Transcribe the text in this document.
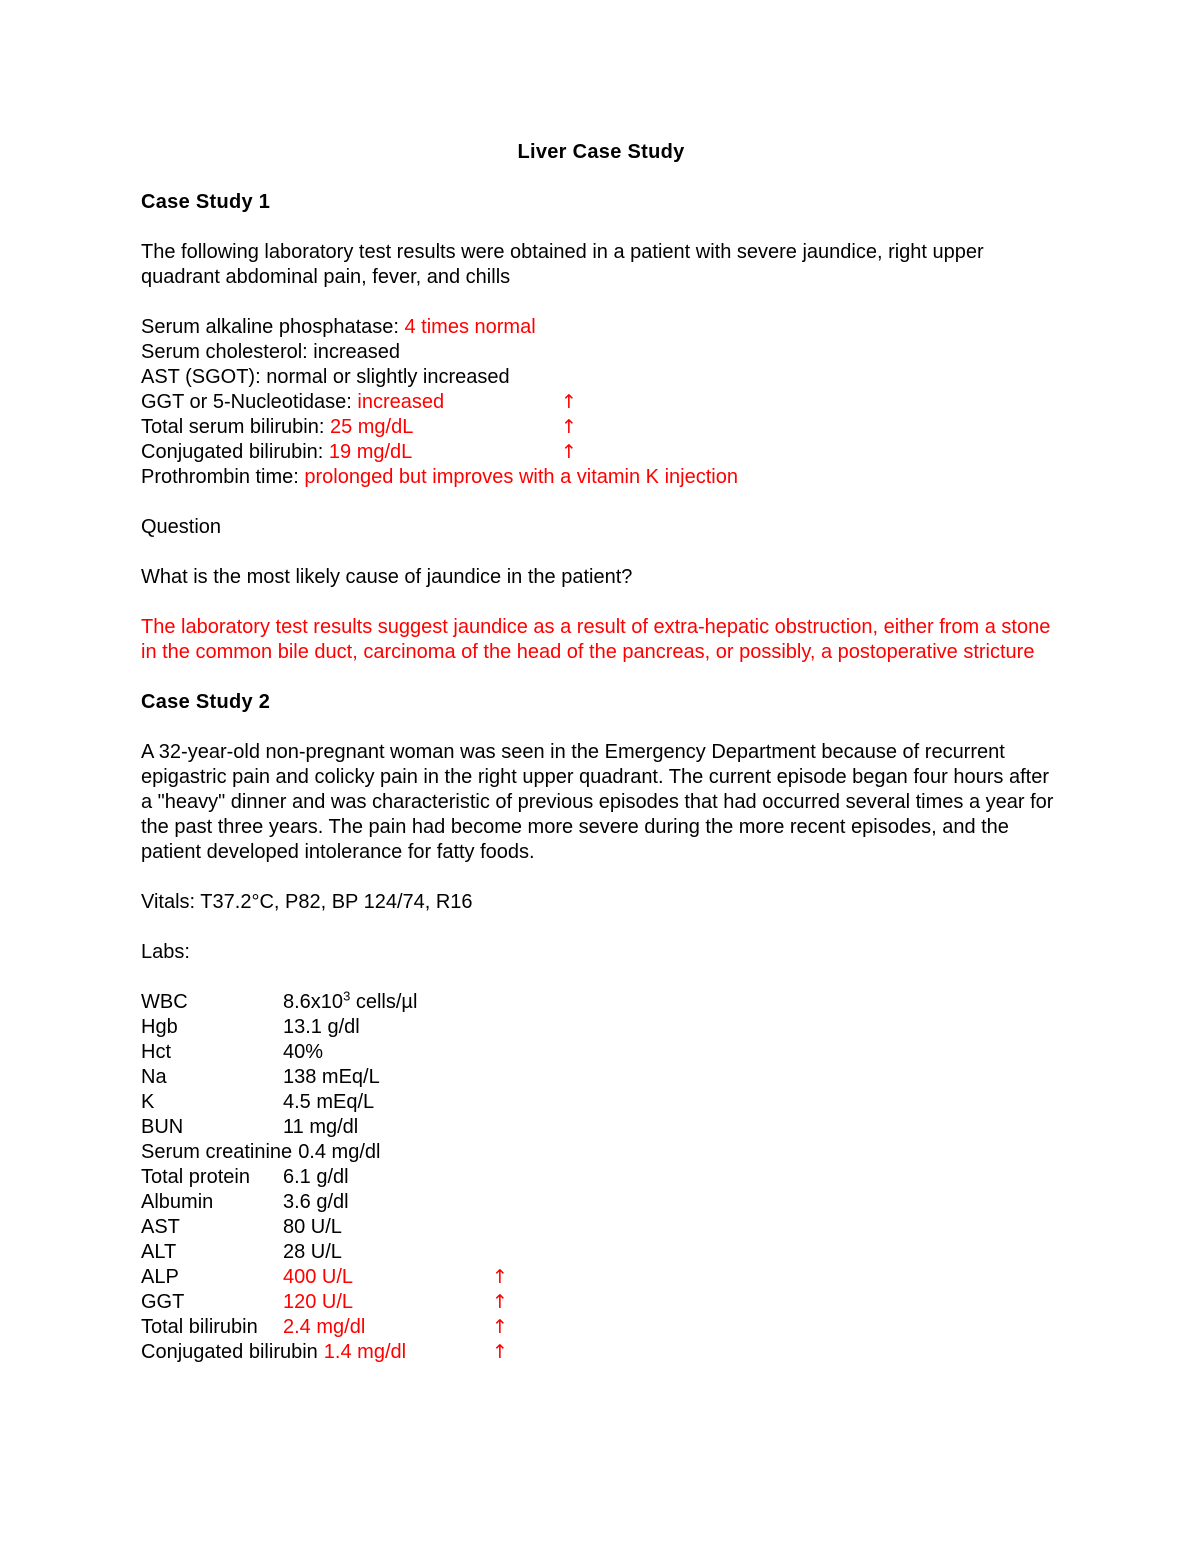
Liver Case Study

Case Study 1

The following laboratory test results were obtained in a patient with severe jaundice, right upper quadrant abdominal pain, fever, and chills

Serum alkaline phosphatase: 4 times normal
Serum cholesterol: increased
AST (SGOT): normal or slightly increased
GGT or 5-Nucleotidase: increased	↑
Total serum bilirubin: 25 mg/dL	↑
Conjugated bilirubin: 19 mg/dL	↑
Prothrombin time: prolonged but improves with a vitamin K injection

Question

What is the most likely cause of jaundice in the patient?

The laboratory test results suggest jaundice as a result of extra-hepatic obstruction, either from a stone in the common bile duct, carcinoma of the head of the pancreas, or possibly, a postoperative stricture

Case Study 2

A 32-year-old non-pregnant woman was seen in the Emergency Department because of recurrent epigastric pain and colicky pain in the right upper quadrant. The current episode began four hours after a "heavy" dinner and was characteristic of previous episodes that had occurred several times a year for the past three years. The pain had become more severe during the more recent episodes, and the patient developed intolerance for fatty foods.

Vitals: T37.2°C, P82, BP 124/74, R16

Labs:

WBC	$8.6x10^3$ cells/µl
Hgb	13.1 g/dl
Hct	40%
Na	138 mEq/L
K	4.5 mEq/L
BUN	11 mg/dl
Serum creatinine 0.4 mg/dl
Total protein	6.1 g/dl
Albumin	3.6 g/dl
AST	80 U/L
ALT	28 U/L
ALP	400 U/L	↑
GGT	120 U/L	↑
Total bilirubin	2.4 mg/dl	↑
Conjugated bilirubin 1.4 mg/dl	↑
